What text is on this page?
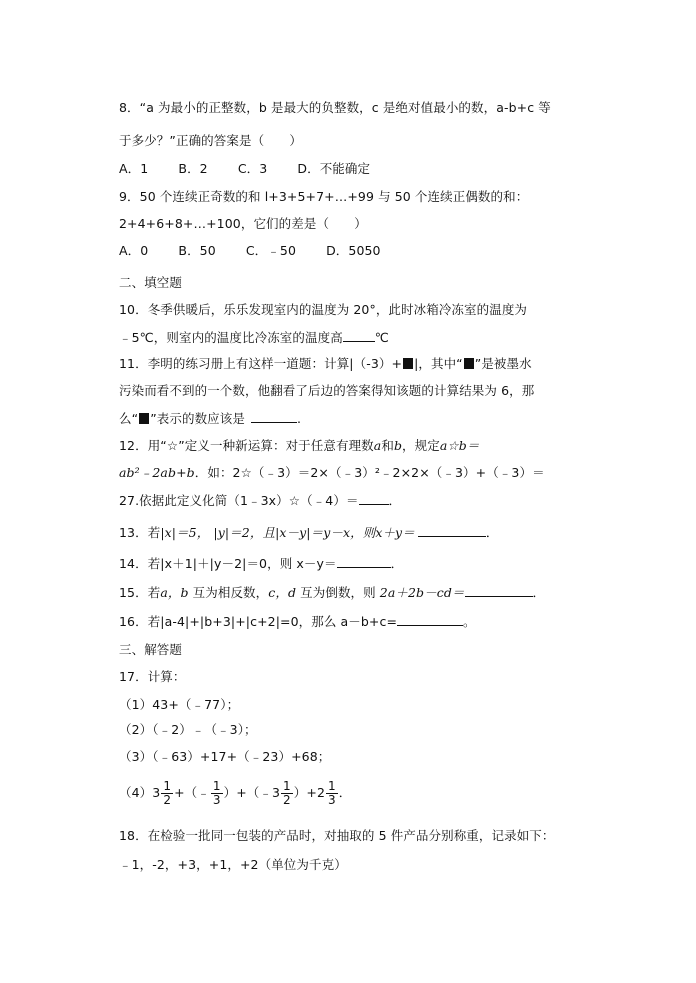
8．“a 为最小的正整数，b 是最大的负整数，c 是绝对值最小的数，a-b+c 等
于多少？”正确的答案是（　　）
A．1 B．2 C．3 D．不能确定
9．50 个连续正奇数的和 l+3+5+7+…+99 与 50 个连续正偶数的和：
2+4+6+8+…+100，它们的差是（　　）
A．0 B．50 C．﹣50 D．5050
二、填空题
10．冬季供暖后，乐乐发现室内的温度为 20°，此时冰箱冷冻室的温度为
﹣5℃，则室内的温度比冷冻室的温度高	℃
11．李明的练习册上有这样一道题：计算|（-3）+ |，其中“ ”是被墨水
污染而看不到的一个数，他翻看了后边的答案得知该题的计算结果为 6，那
么“ ”表示的数应该是	.
12．用“☆”定义一种新运算：对于任意有理数a和b，规定a☆b＝
ab²﹣2ab+b．如：2☆（﹣3）＝2×（﹣3）²﹣2×2×（﹣3）+（﹣3）＝
27.依据此定义化简（1﹣3x）☆（﹣4）＝ ．
13．若|x|＝5， |y|＝2，且|x－y|＝y－x，则x＋y＝	．
14．若|x＋1|＋|y－2|＝0，则 x－y＝	．
15．若a，b 互为相反数，c，d 互为倒数，则 2a＋2b－cd＝	．
16．若|a-4|+|b+3|+|c+2|=0，那么 a－b+c=	。
三、解答题
17．计算：
（1）43+（﹣77）；
（2）（﹣2）﹣（﹣3）；
（3）（﹣63）+17+（﹣23）+68；
$(4)3 \frac{1}{2}$ +（﹣ $\frac{1}{3}$ ）+（﹣3 $\frac{1}{2} )+2 \frac{1}{3}$ ．
18．在检验一批同一包装的产品时，对抽取的 5 件产品分别称重，记录如下：
﹣1，-2，+3，+1，+2（单位为千克）
